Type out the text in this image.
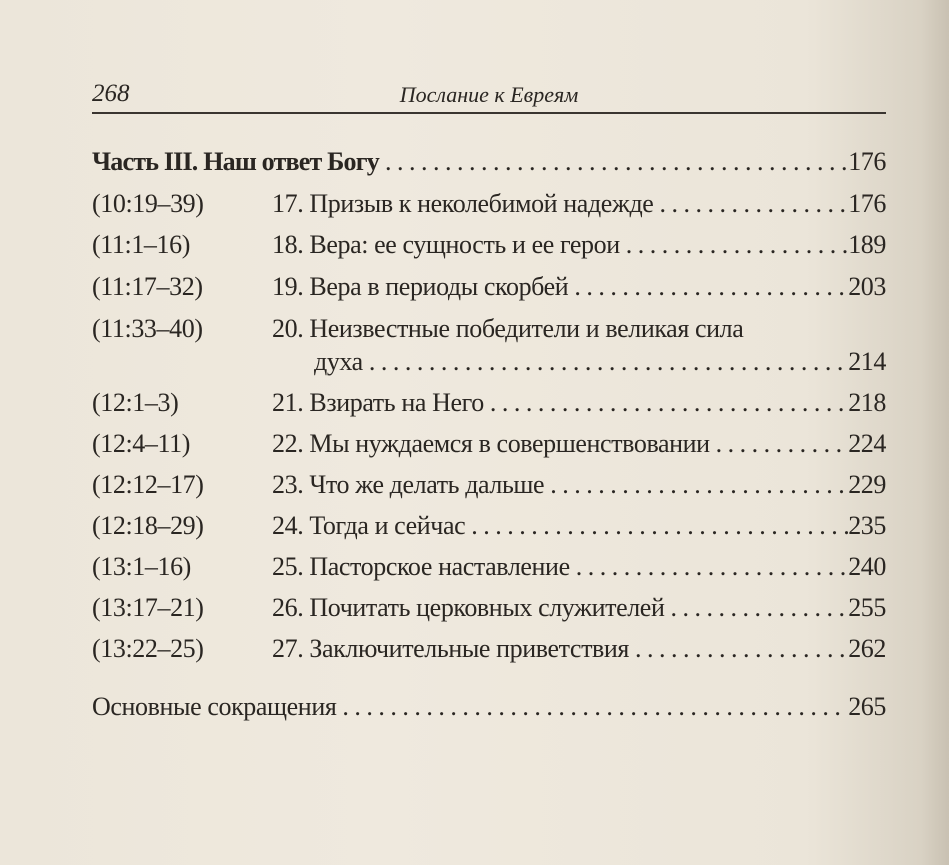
268	Послание к Евреям
Часть III. Наш ответ Богу . . .	176
(10:19–39)	17. Призыв к неколебимой надежде . . .	176
(11:1–16)	18. Вера: ее сущность и ее герои . . .	189
(11:17–32)	19. Вера в периоды скорбей . . .	203
(11:33–40)	20. Неизвестные победители и великая сила
духа . . .	214
(12:1–3)	21. Взирать на Него . . .	218
(12:4–11)	22. Мы нуждаемся в совершенствовании . . .	224
(12:12–17)	23. Что же делать дальше . . .	229
(12:18–29)	24. Тогда и сейчас . . .	235
(13:1–16)	25. Пасторское наставление . . .	240
(13:17–21)	26. Почитать церковных служителей . . .	255
(13:22–25)	27. Заключительные приветствия . . .	262
Основные сокращения . . .	265
